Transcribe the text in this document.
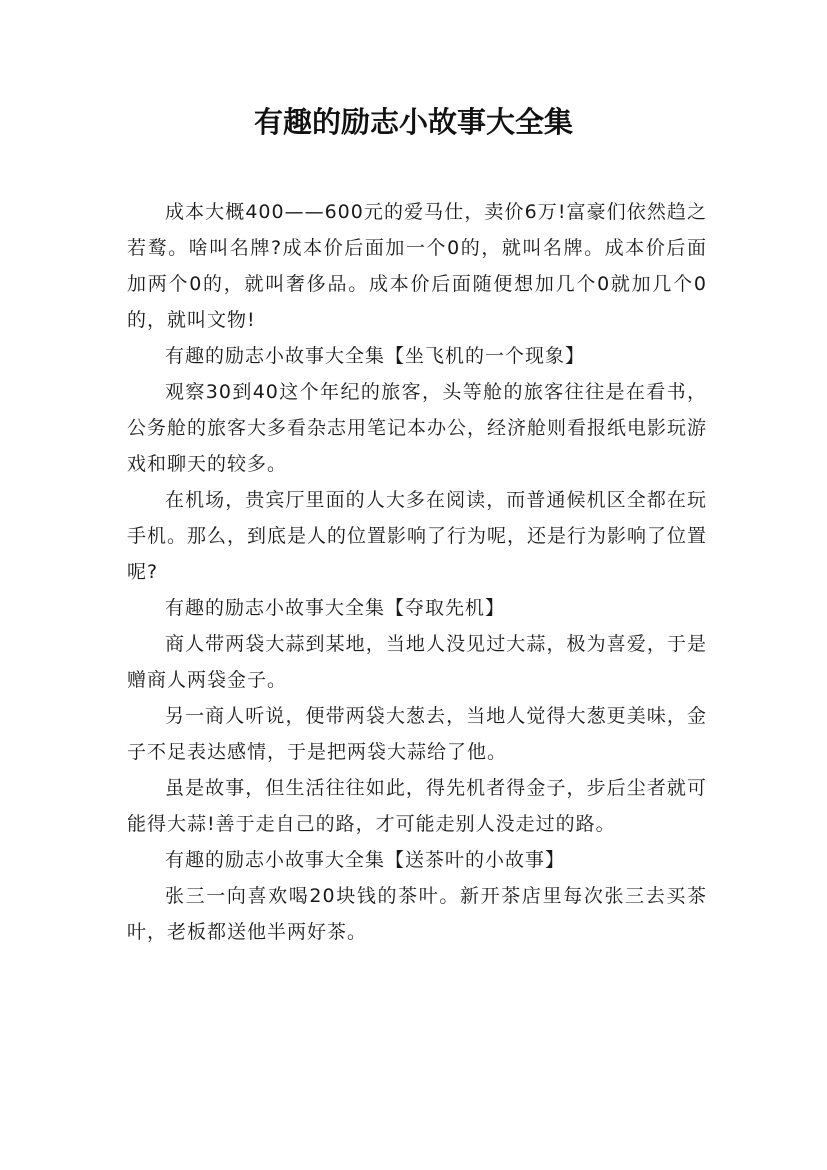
有趣的励志小故事大全集

成本大概400——600元的爱马仕，卖价6万!富豪们依然趋之若鹜。啥叫名牌?成本价后面加一个0的，就叫名牌。成本价后面加两个0的，就叫奢侈品。成本价后面随便想加几个0就加几个0的，就叫文物!

有趣的励志小故事大全集【坐飞机的一个现象】

观察30到40这个年纪的旅客，头等舱的旅客往往是在看书，公务舱的旅客大多看杂志用笔记本办公，经济舱则看报纸电影玩游戏和聊天的较多。

在机场，贵宾厅里面的人大多在阅读，而普通候机区全都在玩手机。那么，到底是人的位置影响了行为呢，还是行为影响了位置呢?

有趣的励志小故事大全集【夺取先机】

商人带两袋大蒜到某地，当地人没见过大蒜，极为喜爱，于是赠商人两袋金子。

另一商人听说，便带两袋大葱去，当地人觉得大葱更美味，金子不足表达感情，于是把两袋大蒜给了他。

虽是故事，但生活往往如此，得先机者得金子，步后尘者就可能得大蒜!善于走自己的路，才可能走别人没走过的路。

有趣的励志小故事大全集【送茶叶的小故事】

张三一向喜欢喝20块钱的茶叶。新开茶店里每次张三去买茶叶，老板都送他半两好茶。
